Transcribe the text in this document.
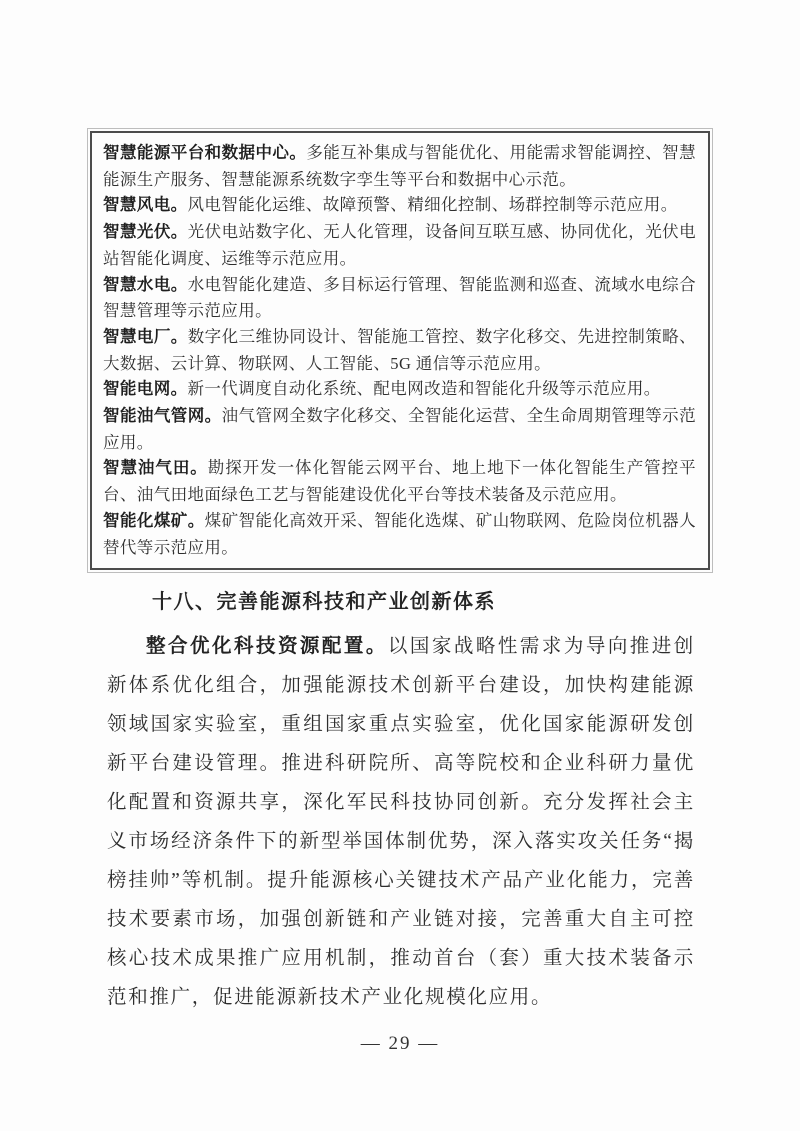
智慧能源平台和数据中心。多能互补集成与智能优化、用能需求智能调控、智慧能源生产服务、智慧能源系统数字孪生等平台和数据中心示范。

智慧风电。风电智能化运维、故障预警、精细化控制、场群控制等示范应用。

智慧光伏。光伏电站数字化、无人化管理，设备间互联互感、协同优化，光伏电站智能化调度、运维等示范应用。

智慧水电。水电智能化建造、多目标运行管理、智能监测和巡查、流域水电综合智慧管理等示范应用。

智慧电厂。数字化三维协同设计、智能施工管控、数字化移交、先进控制策略、大数据、云计算、物联网、人工智能、5G 通信等示范应用。

智能电网。新一代调度自动化系统、配电网改造和智能化升级等示范应用。

智能油气管网。油气管网全数字化移交、全智能化运营、全生命周期管理等示范应用。

智慧油气田。勘探开发一体化智能云网平台、地上地下一体化智能生产管控平台、油气田地面绿色工艺与智能建设优化平台等技术装备及示范应用。

智能化煤矿。煤矿智能化高效开采、智能化选煤、矿山物联网、危险岗位机器人替代等示范应用。

十八、完善能源科技和产业创新体系

整合优化科技资源配置。以国家战略性需求为导向推进创新体系优化组合，加强能源技术创新平台建设，加快构建能源领域国家实验室，重组国家重点实验室，优化国家能源研发创新平台建设管理。推进科研院所、高等院校和企业科研力量优化配置和资源共享，深化军民科技协同创新。充分发挥社会主义市场经济条件下的新型举国体制优势，深入落实攻关任务“揭榜挂帅”等机制。提升能源核心关键技术产品产业化能力，完善技术要素市场，加强创新链和产业链对接，完善重大自主可控核心技术成果推广应用机制，推动首台（套）重大技术装备示范和推广，促进能源新技术产业化规模化应用。

— 29 —
